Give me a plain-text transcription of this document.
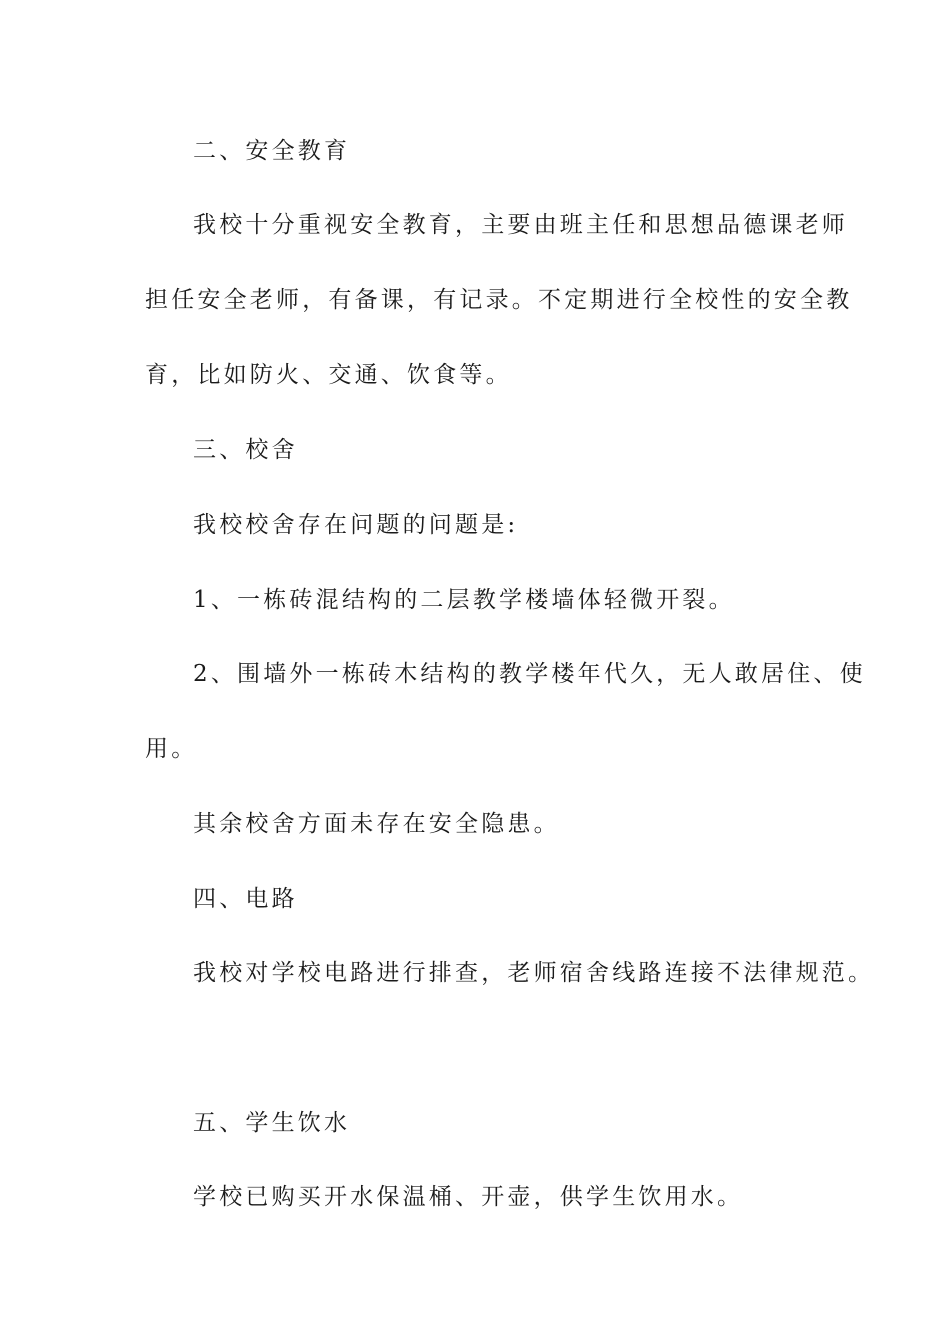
二、安全教育
我校十分重视安全教育，主要由班主任和思想品德课老师
担任安全老师，有备课，有记录。不定期进行全校性的安全教
育，比如防火、交通、饮食等。
三、校舍
我校校舍存在问题的问题是:
1、一栋砖混结构的二层教学楼墙体轻微开裂。
2、围墙外一栋砖木结构的教学楼年代久，无人敢居住、使
用。
其余校舍方面未存在安全隐患。
四、电路
我校对学校电路进行排查，老师宿舍线路连接不法律规范。
五、学生饮水
学校已购买开水保温桶、开壶，供学生饮用水。
